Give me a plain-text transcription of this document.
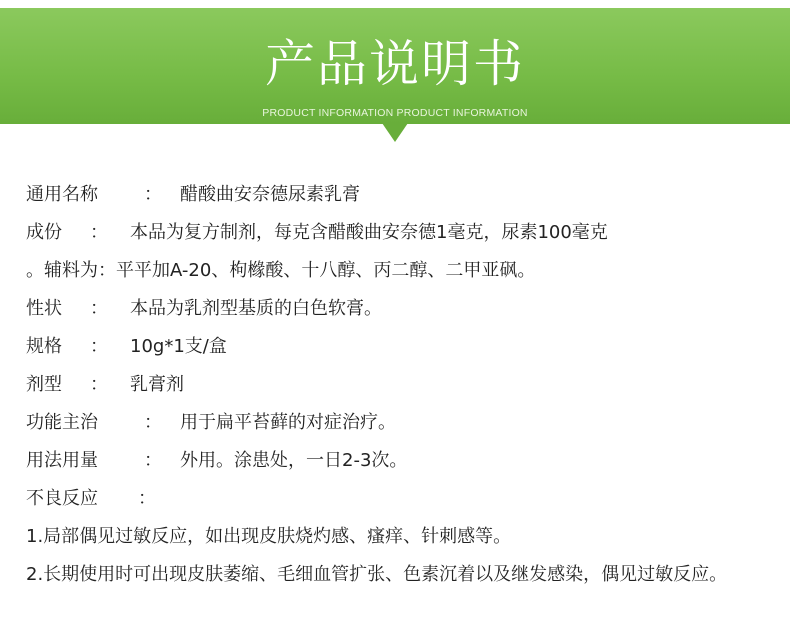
产品说明书
PRODUCT INFORMATION PRODUCT INFORMATION
通用名称	： 醋酸曲安奈德尿素乳膏
成份 ： 本品为复方制剂，每克含醋酸曲安奈德1毫克，尿素100毫克
。辅料为：平平加A-20、枸橼酸、十八醇、丙二醇、二甲亚砜。
性状 ： 本品为乳剂型基质的白色软膏。
规格 ： 10g*1支/盒
剂型 ： 乳膏剂
功能主治	： 用于扁平苔藓的对症治疗。
用法用量	： 外用。涂患处，一日2-3次。
不良反应 ：
1.局部偶见过敏反应，如出现皮肤烧灼感、瘙痒、针刺感等。
2.长期使用时可出现皮肤萎缩、毛细血管扩张、色素沉着以及继发感染，偶见过敏反应。
